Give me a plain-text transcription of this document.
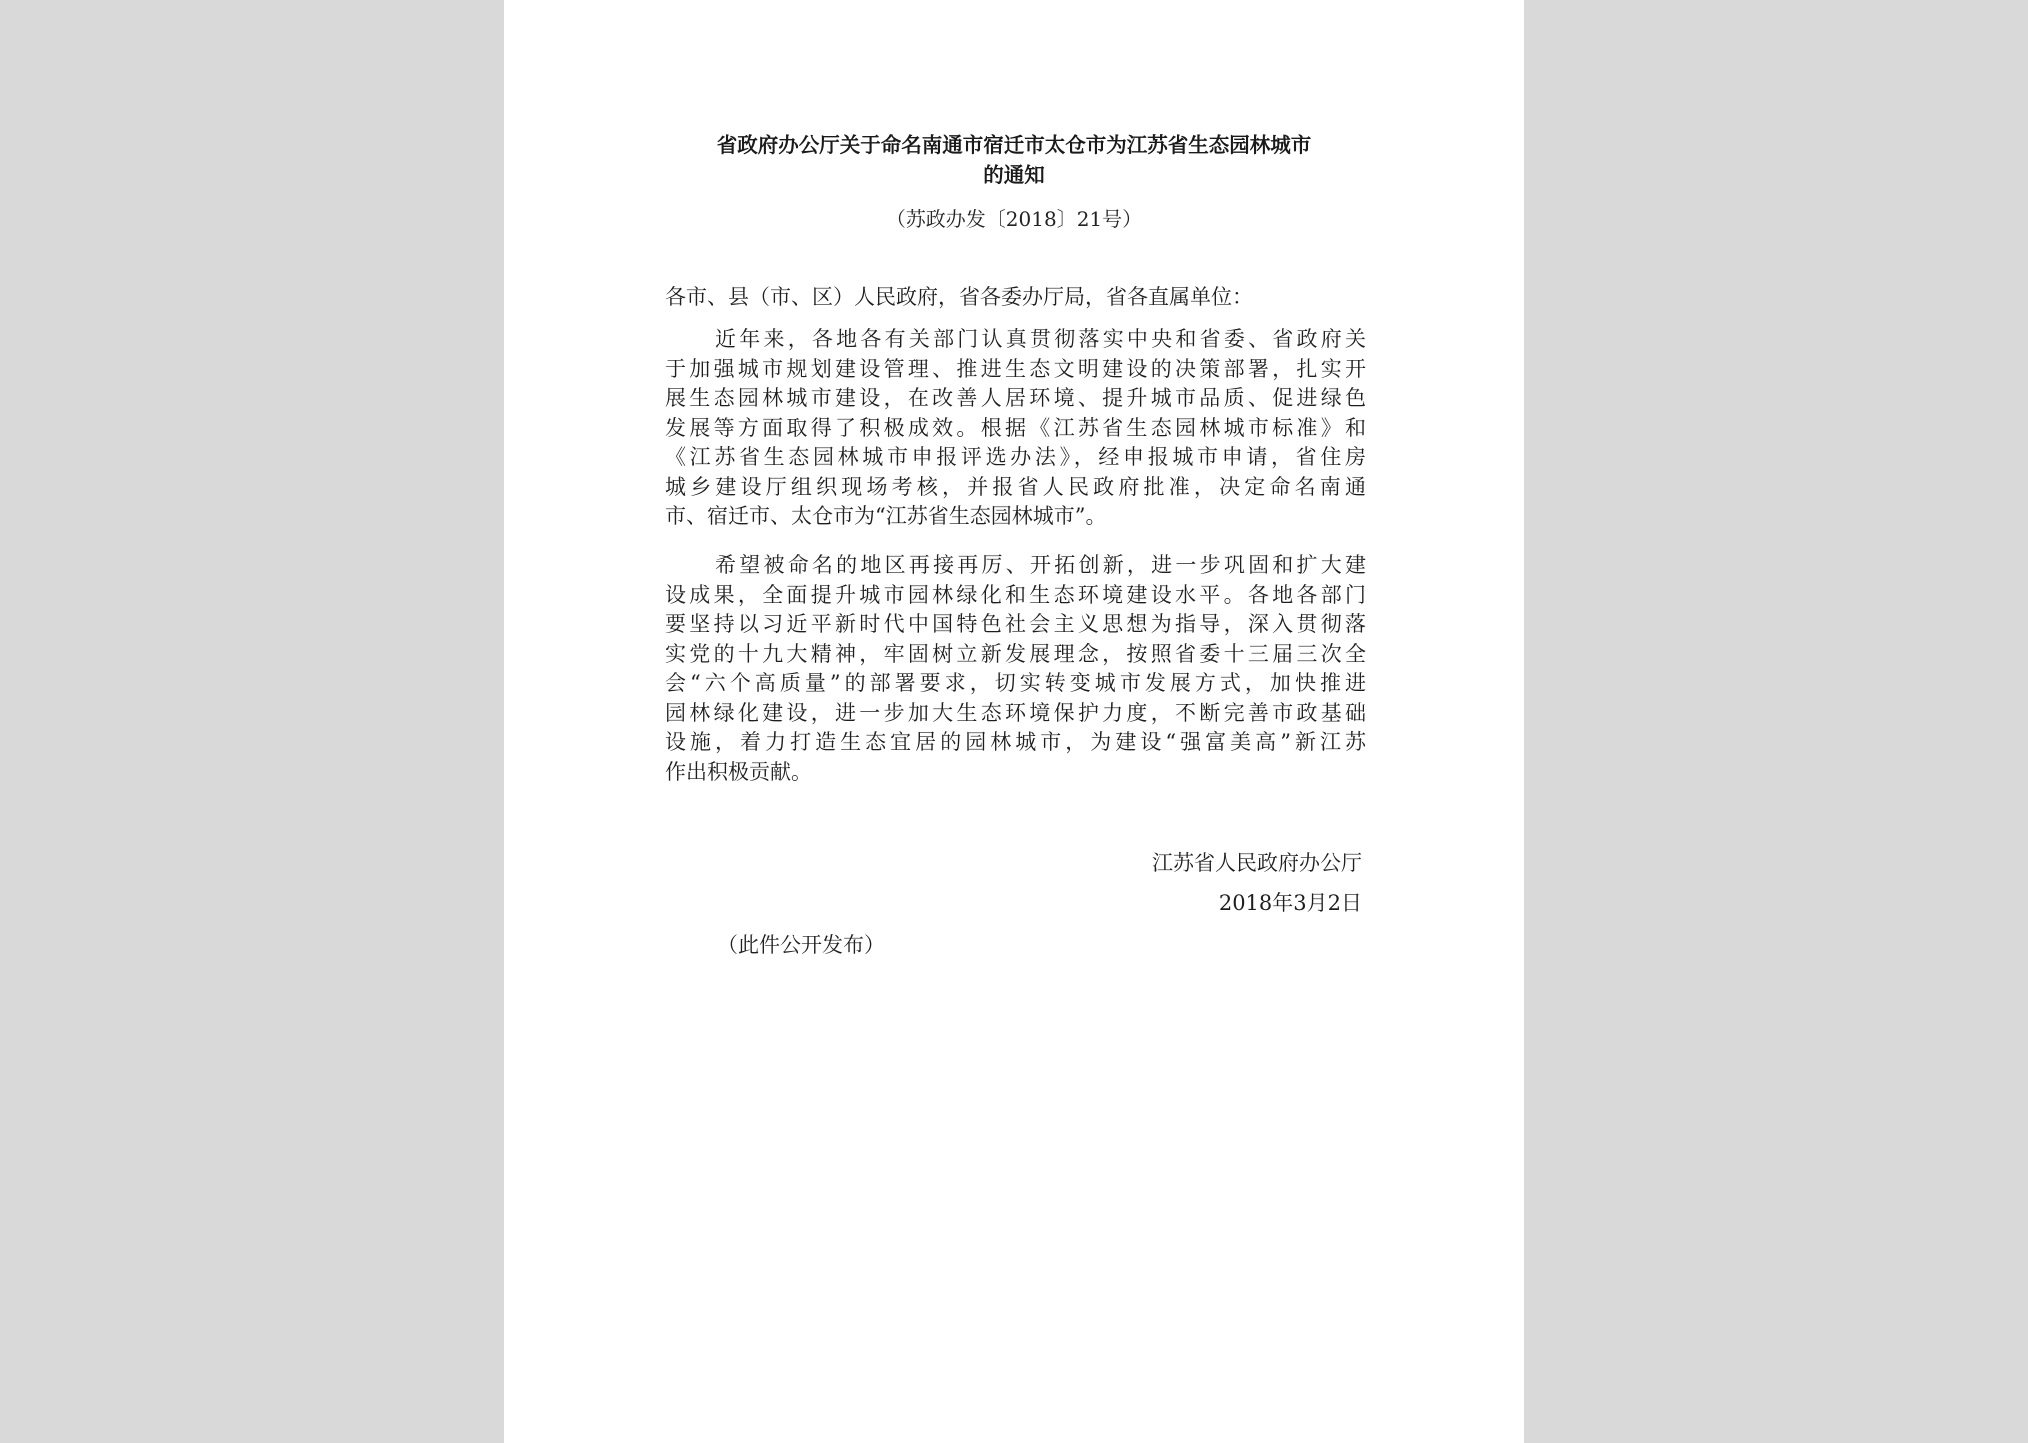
省政府办公厅关于命名南通市宿迁市太仓市为江苏省生态园林城市
的通知

（苏政办发〔2018〕21号）

各市、县（市、区）人民政府，省各委办厅局，省各直属单位：

近年来，各地各有关部门认真贯彻落实中央和省委、省政府关
于加强城市规划建设管理、推进生态文明建设的决策部署，扎实开
展生态园林城市建设，在改善人居环境、提升城市品质、促进绿色
发展等方面取得了积极成效。根据《江苏省生态园林城市标准》和
《江苏省生态园林城市申报评选办法》，经申报城市申请，省住房
城乡建设厅组织现场考核，并报省人民政府批准，决定命名南通
市、宿迁市、太仓市为“江苏省生态园林城市”。

希望被命名的地区再接再厉、开拓创新，进一步巩固和扩大建
设成果，全面提升城市园林绿化和生态环境建设水平。各地各部门
要坚持以习近平新时代中国特色社会主义思想为指导，深入贯彻落
实党的十九大精神，牢固树立新发展理念，按照省委十三届三次全
会“六个高质量”的部署要求，切实转变城市发展方式，加快推进
园林绿化建设，进一步加大生态环境保护力度，不断完善市政基础
设施，着力打造生态宜居的园林城市，为建设“强富美高”新江苏
作出积极贡献。

江苏省人民政府办公厅

2018年3月2日

（此件公开发布）
